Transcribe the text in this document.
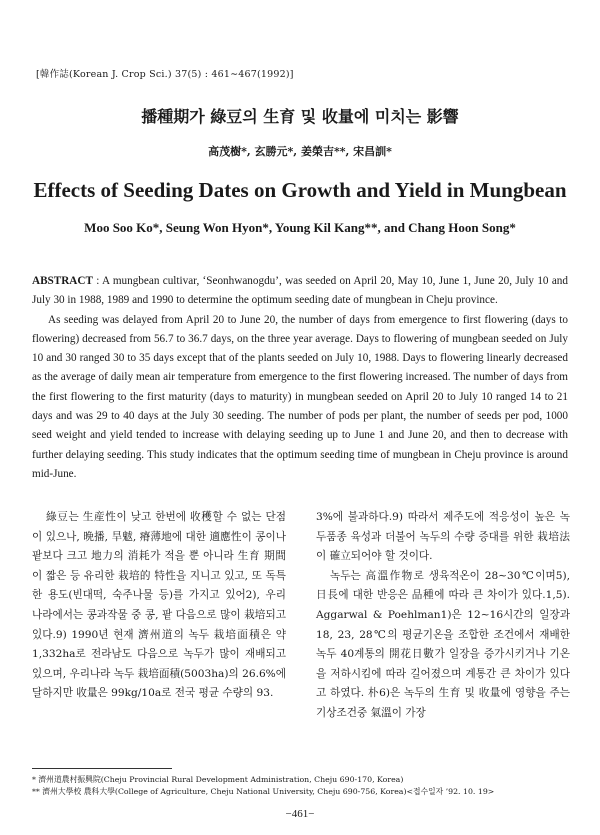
[韓作誌(Korean J. Crop Sci.) 37(5) : 461∼467(1992)]
播種期가 綠豆의 生育 및 收量에 미치는 影響
高茂樹*, 玄勝元*, 姜榮吉**, 宋昌訓*
Effects of Seeding Dates on Growth and Yield in Mungbean
Moo Soo Ko*, Seung Won Hyon*, Young Kil Kang**, and Chang Hoon Song*

ABSTRACT : A mungbean cultivar, ‘Seonhwanogdu’, was seeded on April 20, May 10, June 1, June 20, July 10 and July 30 in 1988, 1989 and 1990 to determine the optimum seeding date of mungbean in Cheju province.

As seeding was delayed from April 20 to June 20, the number of days from emergence to first flowering (days to flowering) decreased from 56.7 to 36.7 days, on the three year average. Days to flowering of mungbean seeded on July 10 and 30 ranged 30 to 35 days except that of the plants seeded on July 10, 1988. Days to flowering linearly decreased as the average of daily mean air temperature from emergence to the first flowering increased. The number of days from the first flowering to the first maturity (days to maturity) in mungbean seeded on April 20 to July 10 ranged 14 to 21 days and was 29 to 40 days at the July 30 seeding. The number of pods per plant, the number of seeds per pod, 1000 seed weight and yield tended to increase with delaying seeding up to June 1 and June 20, and then to decrease with further delaying seeding. This study indicates that the optimum seeding time of mungbean in Cheju province is around mid-June.

綠豆는 生産性이 낮고 한번에 收穫할 수 없는 단점이 있으나, 晩播, 旱魃, 瘠薄地에 대한 適應性이 콩이나 팥보다 크고 地力의 消耗가 적을 뿐 아니라 生育 期間이 짧은 등 유리한 栽培的 特性을 지니고 있고, 또 독특한 용도(빈대떡, 숙주나물 등)를 가지고 있어2), 우리 나라에서는 콩과작물 중 콩, 팥 다음으로 많이 栽培되고 있다.9) 1990년 현재 濟州道의 녹두 栽培面積은 약 1,332ha로 전라남도 다음으로 녹두가 많이 재배되고 있으며, 우리나라 녹두 栽培面積(5003ha)의 26.6%에 달하지만 收量은 99kg/10a로 전국 평균 수량의 93.

3%에 불과하다.9) 따라서 제주도에 적응성이 높은 녹두품종 육성과 더불어 녹두의 수량 증대를 위한 栽培法이 確立되어야 할 것이다.

녹두는 高溫作物로 생육적온이 28∼30℃이며5), 日長에 대한 반응은 品種에 따라 큰 차이가 있다.1,5). Aggarwal & Poehlman1)은 12∼16시간의 일장과 18, 23, 28℃의 평균기온을 조합한 조건에서 재배한 녹두 40계통의 開花日數가 일장을 증가시키거나 기온을 저하시킴에 따라 길어졌으며 계통간 큰 차이가 있다고 하였다. 朴6)은 녹두의 生育 및 收量에 영향을 주는 기상조건중 氣溫이 가장

* 濟州道農村振興院(Cheju Provincial Rural Development Administration, Cheju 690-170, Korea)
** 濟州大學校 農科大學(College of Agriculture, Cheju National University, Cheju 690-756, Korea)<접수일자 ’92. 10. 19>
−461−
